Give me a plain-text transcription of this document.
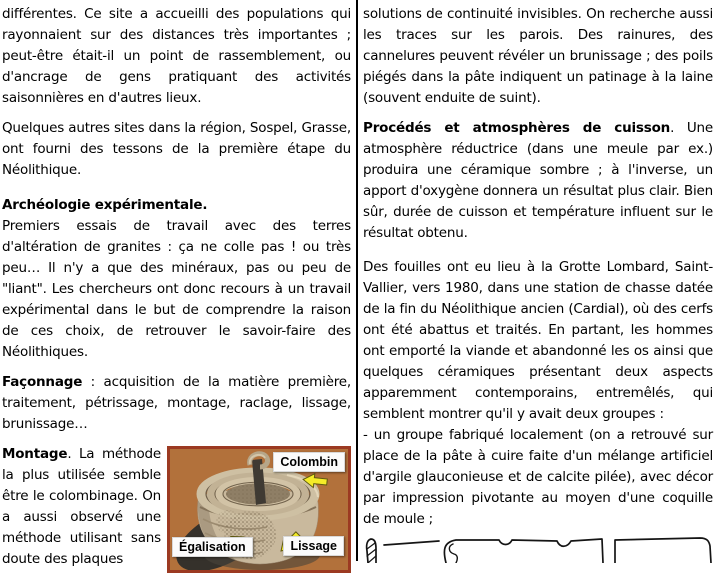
différentes. Ce site a accueilli des populations qui rayonnaient sur des distances très importantes ; peut-être était-il un point de rassemblement, ou d'ancrage de gens pratiquant des activités saisonnières en d'autres lieux.

Quelques autres sites dans la région, Sospel, Grasse, ont fourni des tessons de la première étape du Néolithique.

Archéologie expérimentale.

Premiers essais de travail avec des terres d'altération de granites : ça ne colle pas ! ou très peu… Il n'y a que des minéraux, pas ou peu de "liant". Les chercheurs ont donc recours à un travail expérimental dans le but de comprendre la raison de ces choix, de retrouver le savoir-faire des Néolithiques.

Façonnage : acquisition de la matière première, traitement, pétrissage, montage, raclage, lissage, brunissage…

Colombin
Égalisation	Lissage

Montage. La méthode la plus utilisée semble être le colombinage. On a aussi observé une méthode utilisant sans doute des plaques

solutions de continuité invisibles. On recherche aussi les traces sur les parois. Des rainures, des cannelures peuvent révéler un brunissage ; des poils piégés dans la pâte indiquent un patinage à la laine (souvent enduite de suint).

Procédés et atmosphères de cuisson. Une atmosphère réductrice (dans une meule par ex.) produira une céramique sombre ; à l'inverse, un apport d'oxygène donnera un résultat plus clair. Bien sûr, durée de cuisson et température influent sur le résultat obtenu.

Des fouilles ont eu lieu à la Grotte Lombard, Saint-Vallier, vers 1980, dans une station de chasse datée de la fin du Néolithique ancien (Cardial), où des cerfs ont été abattus et traités. En partant, les hommes ont emporté la viande et abandonné les os ainsi que quelques céramiques présentant deux aspects apparemment contemporains, entremêlés, qui semblent montrer qu'il y avait deux groupes :

- un groupe fabriqué localement (on a retrouvé sur place de la pâte à cuire faite d'un mélange artificiel d'argile glauconieuse et de calcite pilée), avec décor par impression pivotante au moyen d'une coquille de moule ;
